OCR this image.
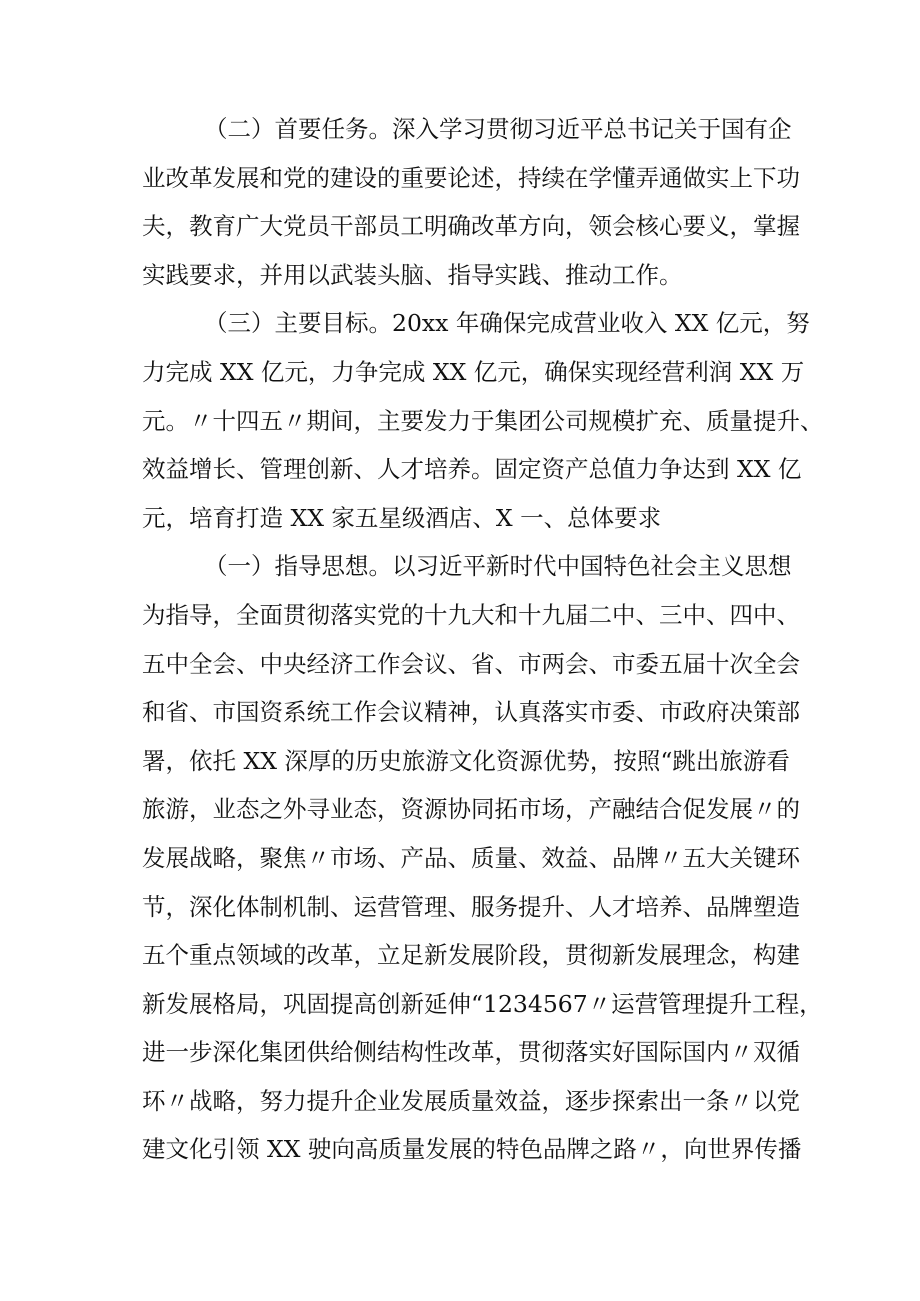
（二）首要任务。深入学习贯彻习近平总书记关于国有企
业改革发展和党的建设的重要论述，持续在学懂弄通做实上下功
夫，教育广大党员干部员工明确改革方向，领会核心要义，掌握
实践要求，并用以武装头脑、指导实践、推动工作。
（三）主要目标。20xx 年确保完成营业收入 XX 亿元，努
力完成 XX 亿元，力争完成 XX 亿元，确保实现经营利润 XX 万
元。〃十四五〃期间，主要发力于集团公司规模扩充、质量提升、
效益增长、管理创新、人才培养。固定资产总值力争达到 XX 亿
元，培育打造 XX 家五星级酒店、X 一、总体要求
（一）指导思想。以习近平新时代中国特色社会主义思想
为指导，全面贯彻落实党的十九大和十九届二中、三中、四中、
五中全会、中央经济工作会议、省、市两会、市委五届十次全会
和省、市国资系统工作会议精神，认真落实市委、市政府决策部
署，依托 XX 深厚的历史旅游文化资源优势，按照“跳出旅游看
旅游，业态之外寻业态，资源协同拓市场，产融结合促发展〃的
发展战略，聚焦〃市场、产品、质量、效益、品牌〃五大关键环
节，深化体制机制、运营管理、服务提升、人才培养、品牌塑造
五个重点领域的改革，立足新发展阶段，贯彻新发展理念，构建
新发展格局，巩固提高创新延伸“1234567〃运营管理提升工程，
进一步深化集团供给侧结构性改革，贯彻落实好国际国内〃双循
环〃战略，努力提升企业发展质量效益，逐步探索出一条〃以党
建文化引领 XX 驶向高质量发展的特色品牌之路〃，向世界传播
